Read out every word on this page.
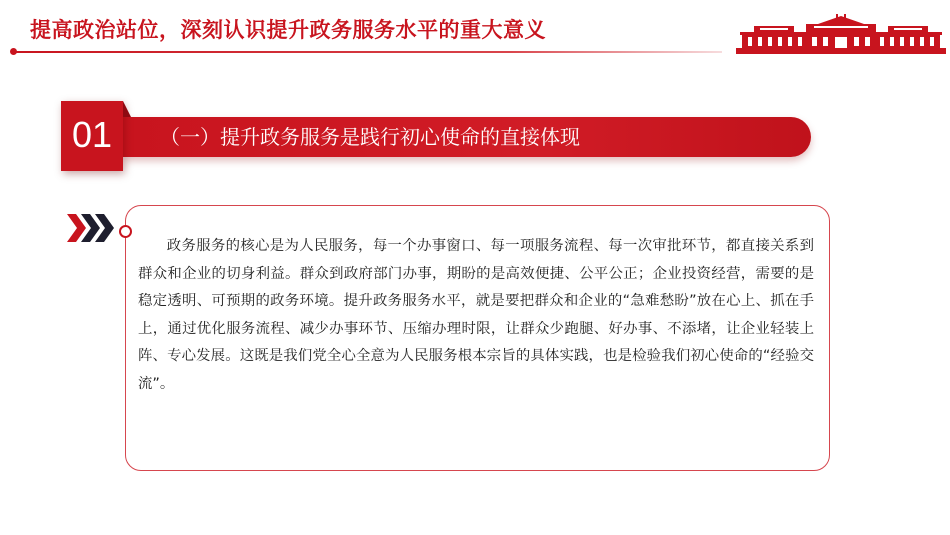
提高政治站位，深刻认识提升政务服务水平的重大意义
01	（一）提升政务服务是践行初心使命的直接体现

政务服务的核心是为人民服务，每一个办事窗口、每一项服务流程、每一次审批环节，都直接关系到群众和企业的切身利益。群众到政府部门办事，期盼的是高效便捷、公平公正；企业投资经营，需要的是稳定透明、可预期的政务环境。提升政务服务水平，就是要把群众和企业的“急难愁盼”放在心上、抓在手上，通过优化服务流程、减少办事环节、压缩办理时限，让群众少跑腿、好办事、不添堵，让企业轻装上阵、专心发展。这既是我们党全心全意为人民服务根本宗旨的具体实践，也是检验我们初心使命的“经验交流”。
